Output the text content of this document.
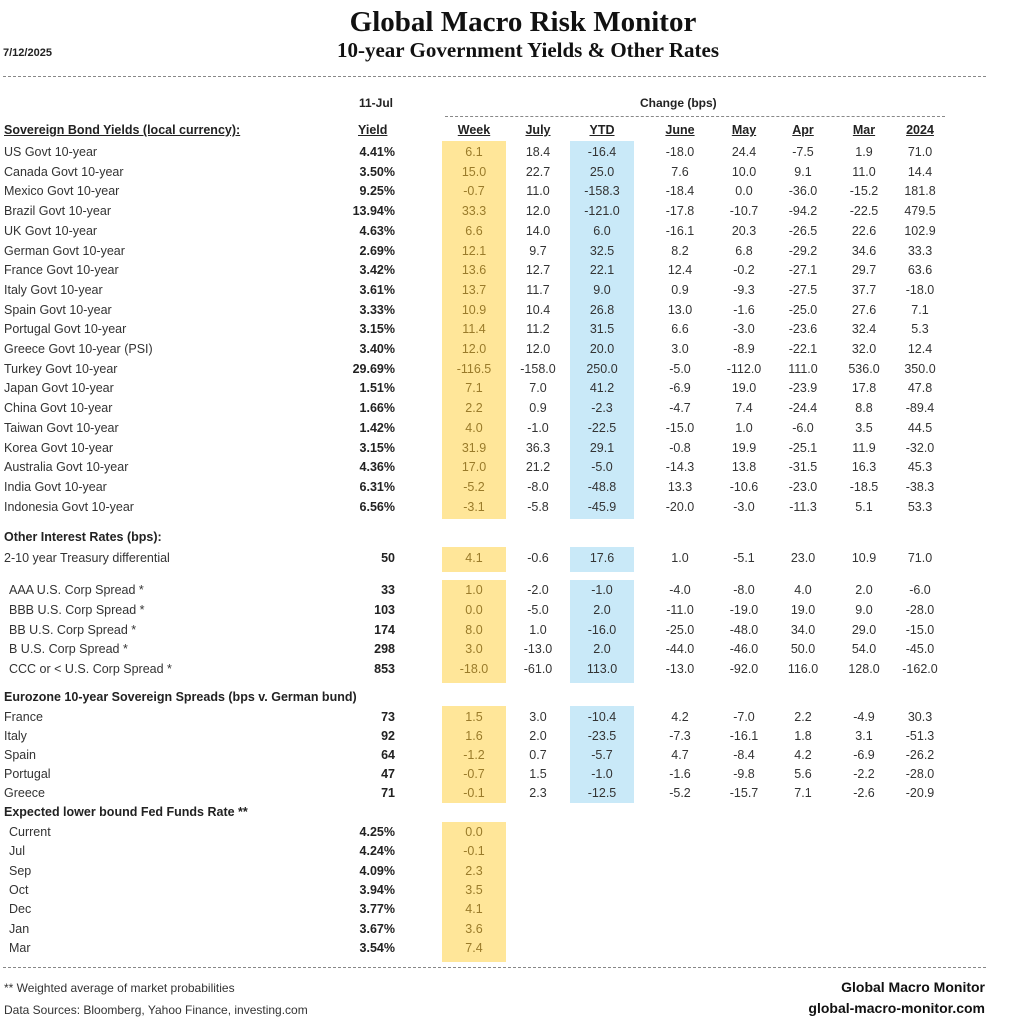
Global Macro Risk Monitor
10-year Government Yields & Other Rates
7/12/2025
11-Jul	Change (bps)
Sovereign Bond Yields (local currency):	Yield	Week	July	YTD	June	May	Apr	Mar	2024
US Govt 10-year	4.41%	6.1	18.4	-16.4	-18.0	24.4	-7.5	1.9	71.0
Canada Govt 10-year	3.50%	15.0	22.7	25.0	7.6	10.0	9.1	11.0	14.4
Mexico Govt 10-year	9.25%	-0.7	11.0	-158.3	-18.4	0.0	-36.0	-15.2	181.8
Brazil Govt 10-year	13.94%	33.3	12.0	-121.0	-17.8	-10.7	-94.2	-22.5	479.5
UK Govt 10-year	4.63%	6.6	14.0	6.0	-16.1	20.3	-26.5	22.6	102.9
German Govt 10-year	2.69%	12.1	9.7	32.5	8.2	6.8	-29.2	34.6	33.3
France Govt 10-year	3.42%	13.6	12.7	22.1	12.4	-0.2	-27.1	29.7	63.6
Italy Govt 10-year	3.61%	13.7	11.7	9.0	0.9	-9.3	-27.5	37.7	-18.0
Spain Govt 10-year	3.33%	10.9	10.4	26.8	13.0	-1.6	-25.0	27.6	7.1
Portugal Govt 10-year	3.15%	11.4	11.2	31.5	6.6	-3.0	-23.6	32.4	5.3
Greece Govt 10-year (PSI)	3.40%	12.0	12.0	20.0	3.0	-8.9	-22.1	32.0	12.4
Turkey Govt 10-year	29.69%	-116.5	-158.0	250.0	-5.0	-112.0	111.0	536.0	350.0
Japan Govt 10-year	1.51%	7.1	7.0	41.2	-6.9	19.0	-23.9	17.8	47.8
China Govt 10-year	1.66%	2.2	0.9	-2.3	-4.7	7.4	-24.4	8.8	-89.4
Taiwan Govt 10-year	1.42%	4.0	-1.0	-22.5	-15.0	1.0	-6.0	3.5	44.5
Korea Govt 10-year	3.15%	31.9	36.3	29.1	-0.8	19.9	-25.1	11.9	-32.0
Australia Govt 10-year	4.36%	17.0	21.2	-5.0	-14.3	13.8	-31.5	16.3	45.3
India Govt 10-year	6.31%	-5.2	-8.0	-48.8	13.3	-10.6	-23.0	-18.5	-38.3
Indonesia Govt 10-year	6.56%	-3.1	-5.8	-45.9	-20.0	-3.0	-11.3	5.1	53.3
Other Interest Rates (bps):
2-10 year Treasury differential	50	4.1	-0.6	17.6	1.0	-5.1	23.0	10.9	71.0
AAA U.S. Corp Spread *	33	1.0	-2.0	-1.0	-4.0	-8.0	4.0	2.0	-6.0
BBB U.S. Corp Spread *	103	0.0	-5.0	2.0	-11.0	-19.0	19.0	9.0	-28.0
BB U.S. Corp Spread *	174	8.0	1.0	-16.0	-25.0	-48.0	34.0	29.0	-15.0
B U.S. Corp Spread *	298	3.0	-13.0	2.0	-44.0	-46.0	50.0	54.0	-45.0
CCC or < U.S. Corp Spread *	853	-18.0	-61.0	113.0	-13.0	-92.0	116.0	128.0	-162.0
Eurozone 10-year Sovereign Spreads (bps v. German bund)
France	73	1.5	3.0	-10.4	4.2	-7.0	2.2	-4.9	30.3
Italy	92	1.6	2.0	-23.5	-7.3	-16.1	1.8	3.1	-51.3
Spain	64	-1.2	0.7	-5.7	4.7	-8.4	4.2	-6.9	-26.2
Portugal	47	-0.7	1.5	-1.0	-1.6	-9.8	5.6	-2.2	-28.0
Greece	71	-0.1	2.3	-12.5	-5.2	-15.7	7.1	-2.6	-20.9
Expected lower bound Fed Funds Rate **
Current	4.25%	0.0
Jul	4.24%	-0.1
Sep	4.09%	2.3
Oct	3.94%	3.5
Dec	3.77%	4.1
Jan	3.67%	3.6
Mar	3.54%	7.4
** Weighted average of market probabilities
Data Sources: Bloomberg, Yahoo Finance, investing.com
Global Macro Monitor
global-macro-monitor.com
